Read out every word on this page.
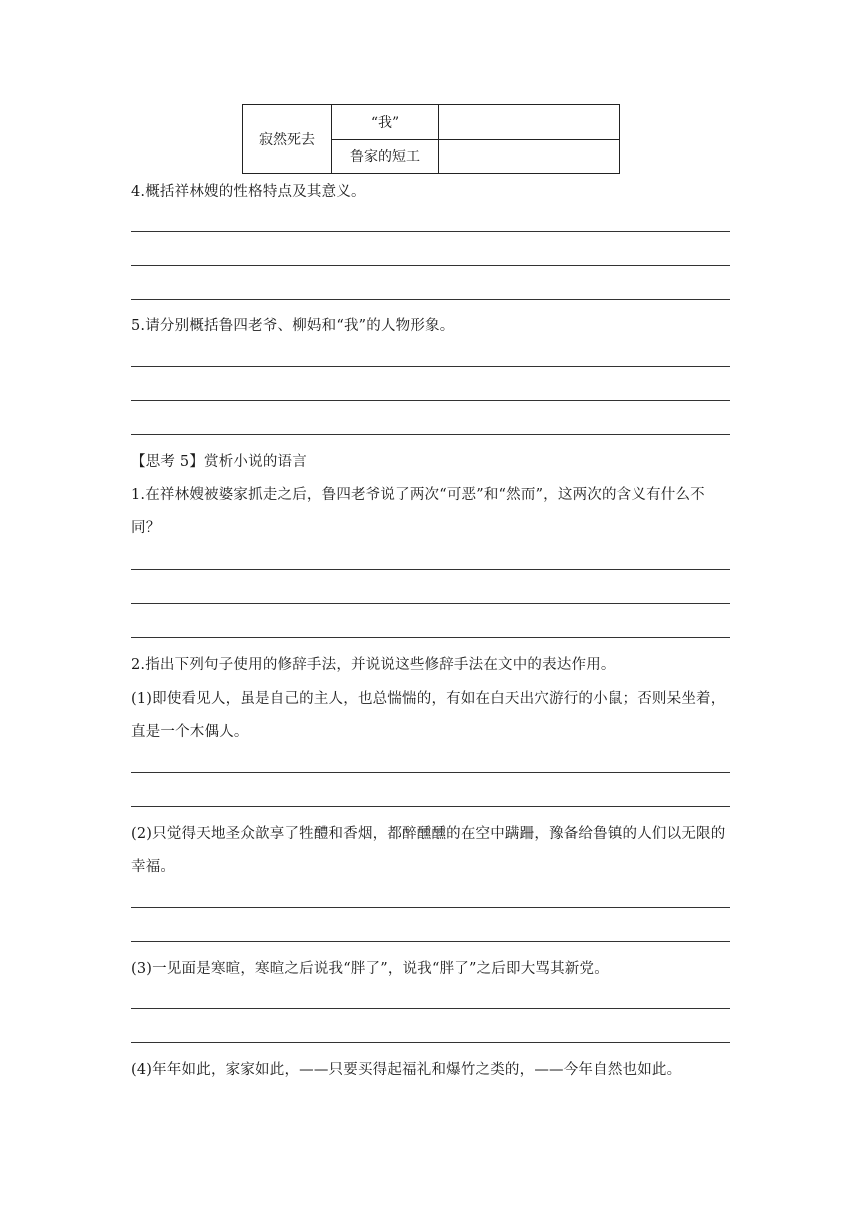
寂然死去	“我”	
	鲁家的短工	

4.概括祥林嫂的性格特点及其意义。

5.请分别概括鲁四老爷、柳妈和“我”的人物形象。

【思考 5】赏析小说的语言

1.在祥林嫂被婆家抓走之后，鲁四老爷说了两次“可恶”和“然而”，这两次的含义有什么不同？

2.指出下列句子使用的修辞手法，并说说这些修辞手法在文中的表达作用。

(1)即使看见人，虽是自己的主人，也总惴惴的，有如在白天出穴游行的小鼠；否则呆坐着，直是一个木偶人。

(2)只觉得天地圣众歆享了牲醴和香烟，都醉醺醺的在空中蹒跚，豫备给鲁镇的人们以无限的幸福。

(3)一见面是寒暄，寒暄之后说我“胖了”，说我“胖了”之后即大骂其新党。

(4)年年如此，家家如此，——只要买得起福礼和爆竹之类的，——今年自然也如此。
